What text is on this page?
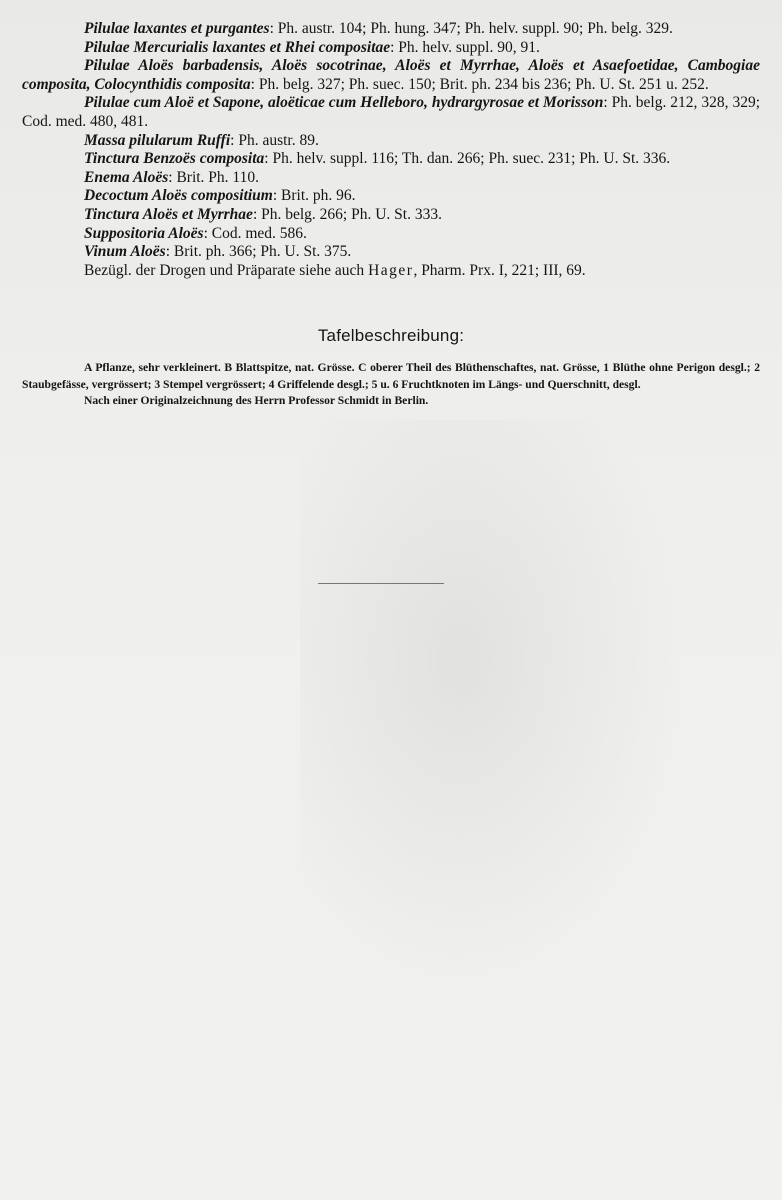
Pilulae laxantes et purgantes: Ph. austr. 104; Ph. hung. 347; Ph. helv. suppl. 90; Ph. belg. 329.

Pilulae Mercurialis laxantes et Rhei compositae: Ph. helv. suppl. 90, 91.

Pilulae Aloës barbadensis, Aloës socotrinae, Aloës et Myrrhae, Aloës et Asaefoetidae, Cambogiae composita, Colocynthidis composita: Ph. belg. 327; Ph. suec. 150; Brit. ph. 234 bis 236; Ph. U. St. 251 u. 252.

Pilulae cum Aloë et Sapone, aloëticae cum Helleboro, hydrargyrosae et Morisson: Ph. belg. 212, 328, 329; Cod. med. 480, 481.

Massa pilularum Ruffi: Ph. austr. 89.

Tinctura Benzoës composita: Ph. helv. suppl. 116; Th. dan. 266; Ph. suec. 231; Ph. U. St. 336.

Enema Aloës: Brit. Ph. 110.

Decoctum Aloës compositium: Brit. ph. 96.

Tinctura Aloës et Myrrhae: Ph. belg. 266; Ph. U. St. 333.

Suppositoria Aloës: Cod. med. 586.

Vinum Aloës: Brit. ph. 366; Ph. U. St. 375.

Bezügl. der Drogen und Präparate siehe auch Hager, Pharm. Prx. I, 221; III, 69.

Tafelbeschreibung:

A Pflanze, sehr verkleinert. B Blattspitze, nat. Grösse. C oberer Theil des Blüthenschaftes, nat. Grösse, 1 Blüthe ohne Perigon desgl.; 2 Staubgefässe, vergrössert; 3 Stempel vergrössert; 4 Griffelende desgl.; 5 u. 6 Fruchtknoten im Längs- und Querschnitt, desgl.

Nach einer Originalzeichnung des Herrn Professor Schmidt in Berlin.
